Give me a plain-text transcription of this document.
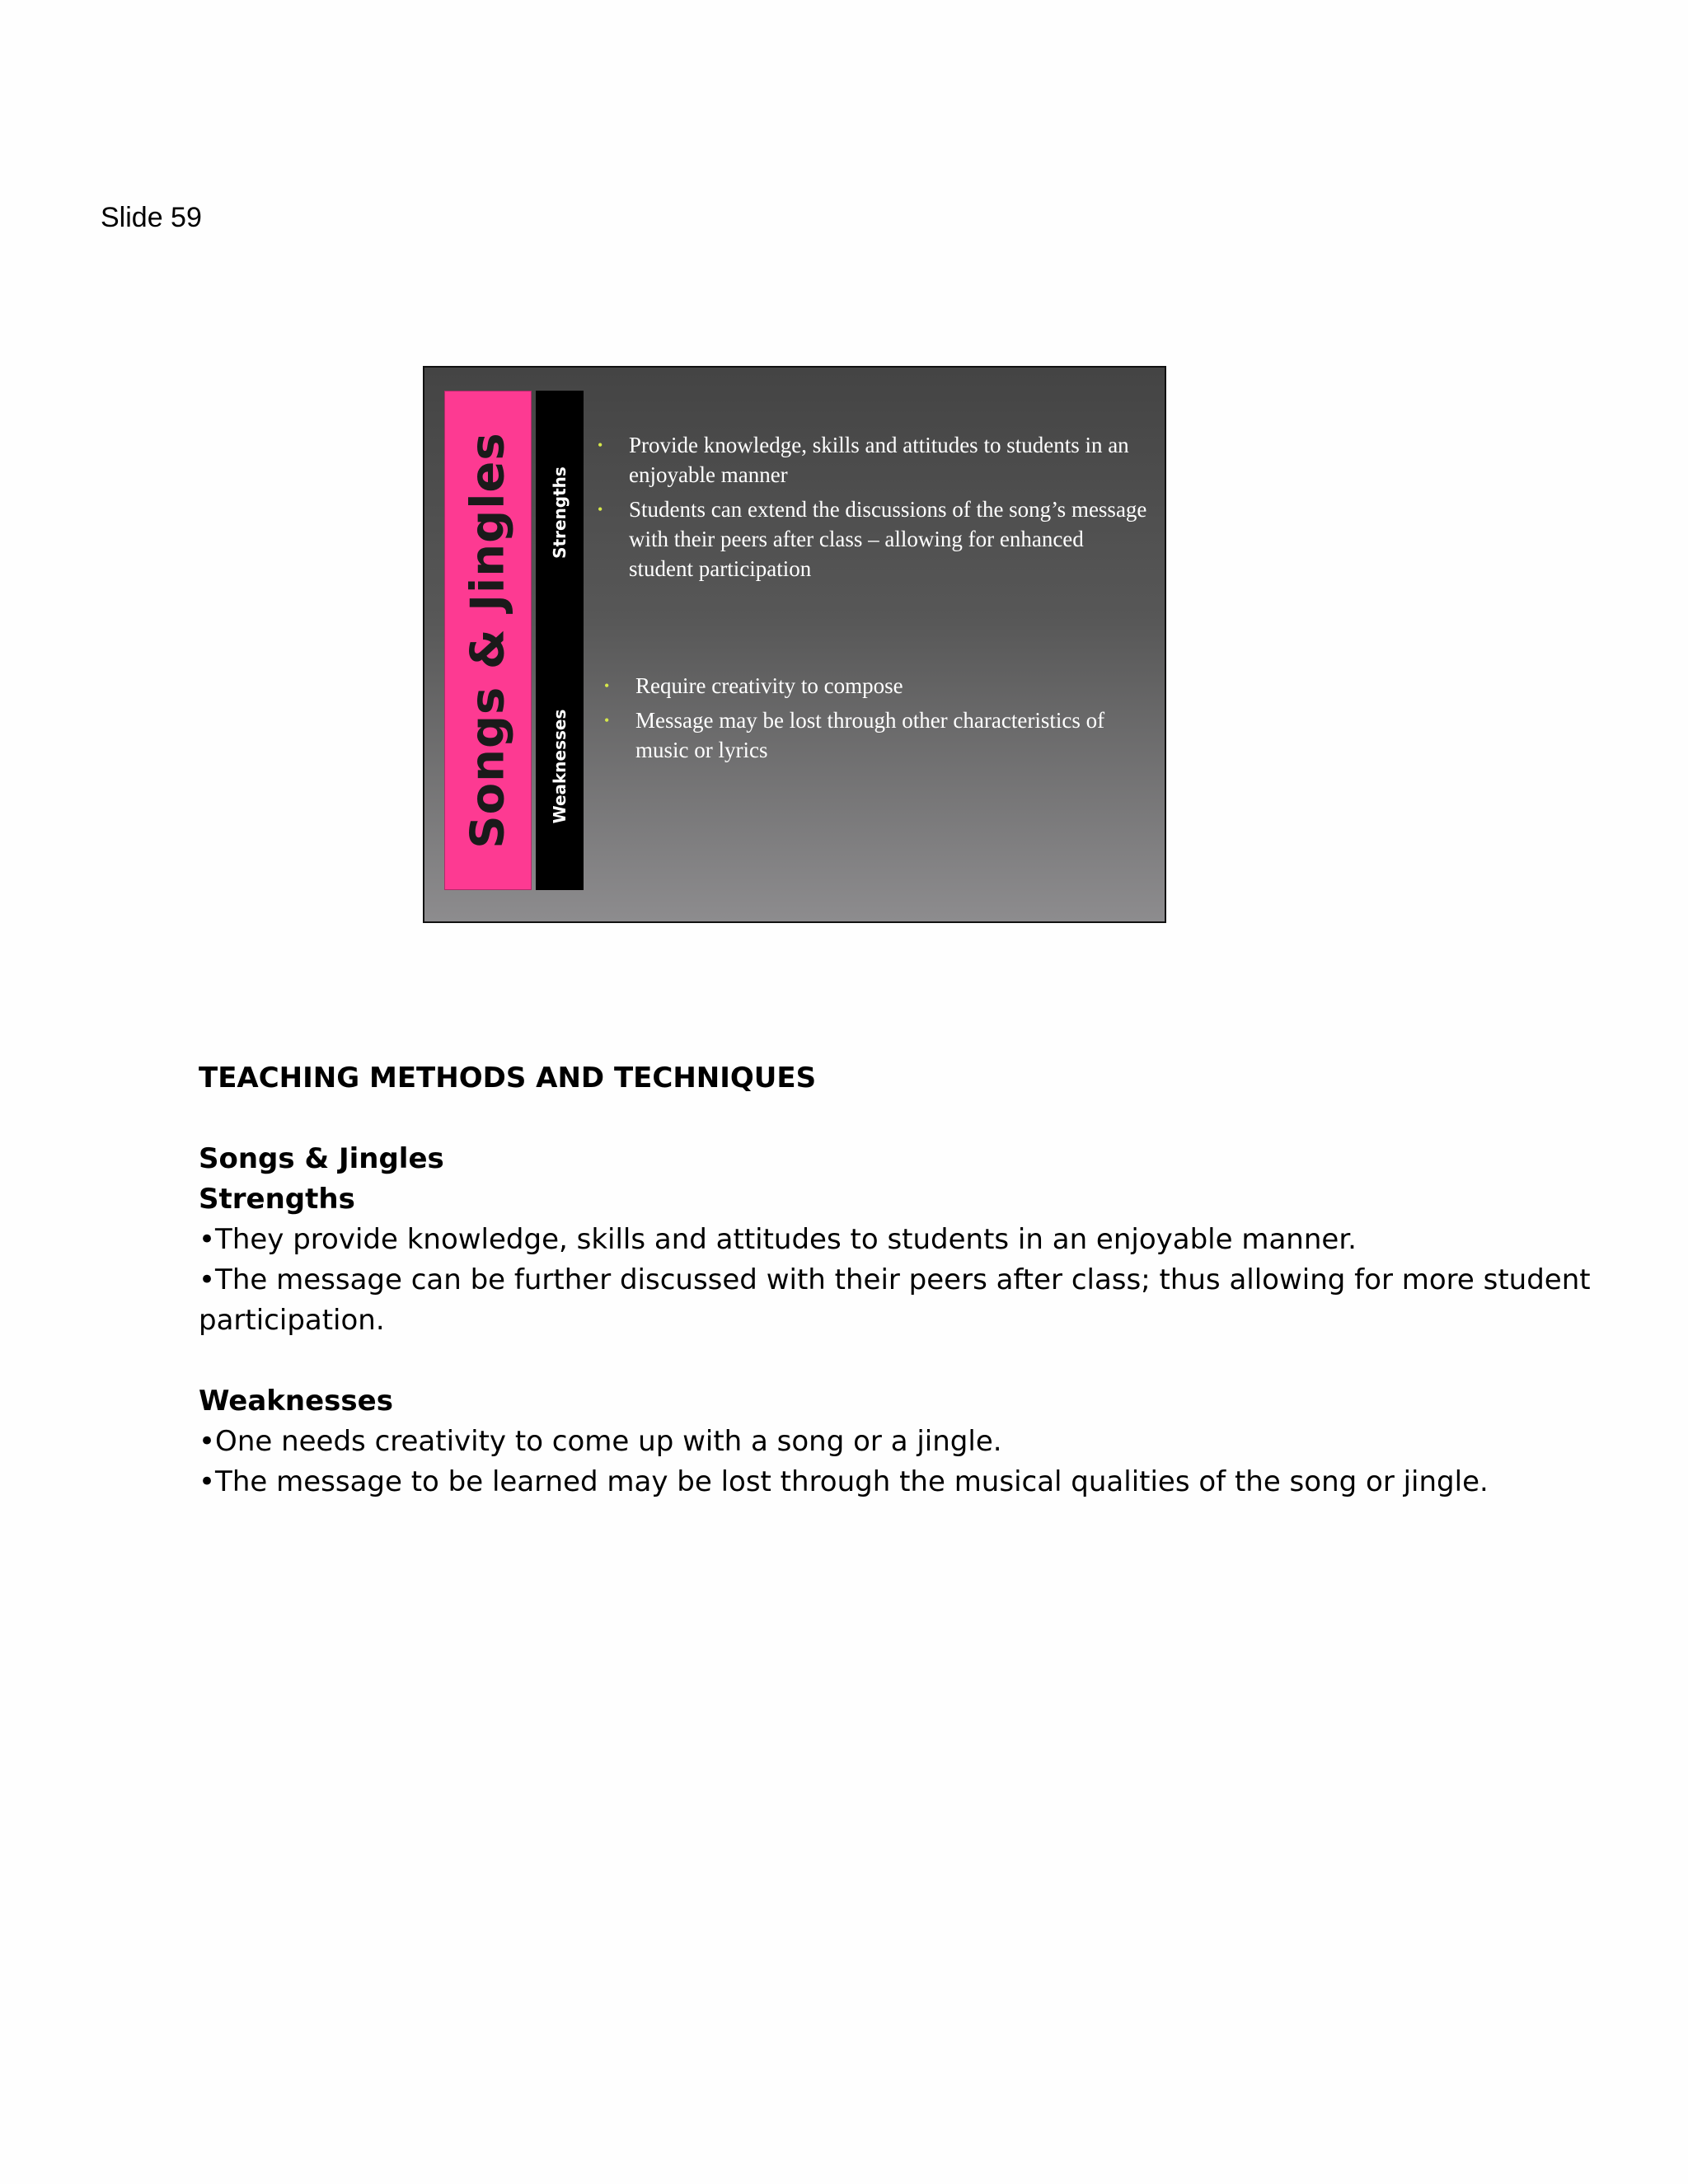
Slide 59
Songs & Jingles Strengths
Weaknesses
• Provide knowledge, skills and attitudes to students in an enjoyable manner
• Students can extend the discussions of the song’s message with their peers after class – allowing for enhanced student participation
• Require creativity to compose
• Message may be lost through other characteristics of music or lyrics

TEACHING METHODS AND TECHNIQUES

Songs & Jingles

Strengths

•They provide knowledge, skills and attitudes to students in an enjoyable manner.

•The message can be further discussed with their peers after class; thus allowing for more student participation.

Weaknesses

•One needs creativity to come up with a song or a jingle.

•The message to be learned may be lost through the musical qualities of the song or jingle.
